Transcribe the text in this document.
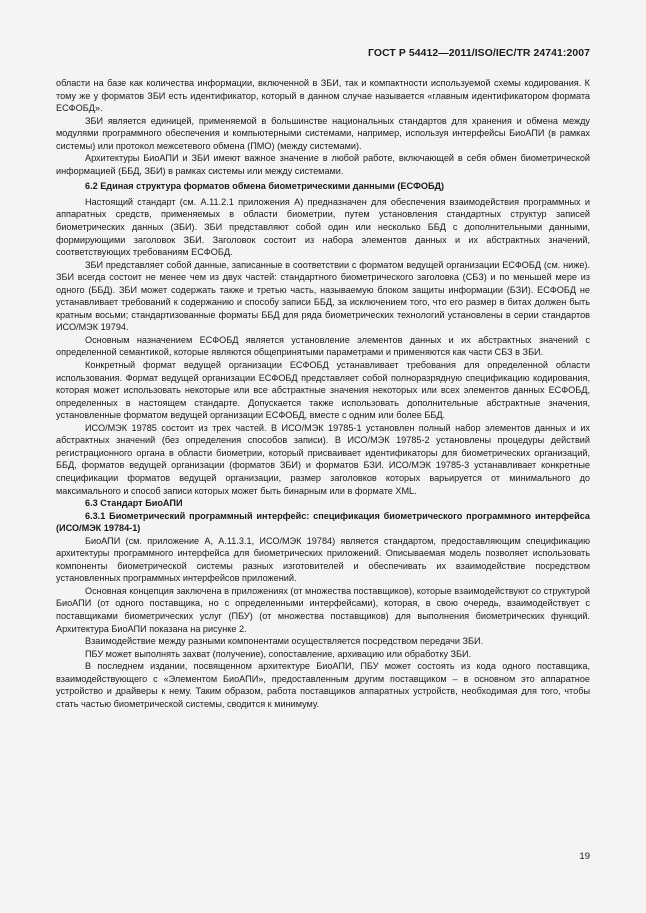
ГОСТ Р 54412—2011/ISO/IEC/TR 24741:2007

области на базе как количества информации, включенной в ЗБИ, так и компактности используемой схемы кодирования. К тому же у форматов ЗБИ есть идентификатор, который в данном случае называется «главным идентификатором формата ЕСФОБД».

ЗБИ является единицей, применяемой в большинстве национальных стандартов для хранения и обмена между модулями программного обеспечения и компьютерными системами, например, используя интерфейсы БиоАПИ (в рамках системы) или протокол межсетевого обмена (ПМО) (между системами).

Архитектуры БиоАПИ и ЗБИ имеют важное значение в любой работе, включающей в себя обмен биометрической информацией (ББД, ЗБИ) в рамках системы или между системами.

6.2 Единая структура форматов обмена биометрическими данными (ЕСФОБД)

Настоящий стандарт (см. А.11.2.1 приложения А) предназначен для обеспечения взаимодействия программных и аппаратных средств, применяемых в области биометрии, путем установления стандартных структур записей биометрических данных (ЗБИ). ЗБИ представляют собой один или несколько ББД с дополнительными данными, формирующими заголовок ЗБИ. Заголовок состоит из набора элементов данных и их абстрактных значений, соответствующих требованиям ЕСФОБД.

ЗБИ представляет собой данные, записанные в соответствии с форматом ведущей организации ЕСФОБД (см. ниже). ЗБИ всегда состоит не менее чем из двух частей: стандартного биометрического заголовка (СБЗ) и по меньшей мере из одного (ББД). ЗБИ может содержать также и третью часть, называемую блоком защиты информации (БЗИ). ЕСФОБД не устанавливает требований к содержанию и способу записи ББД, за исключением того, что его размер в битах должен быть кратным восьми; стандартизованные форматы ББД для ряда биометрических технологий установлены в серии стандартов ИСО/МЭК 19794.

Основным назначением ЕСФОБД является установление элементов данных и их абстрактных значений с определенной семантикой, которые являются общепринятыми параметрами и применяются как части СБЗ в ЗБИ.

Конкретный формат ведущей организации ЕСФОБД устанавливает требования для определенной области использования. Формат ведущей организации ЕСФОБД представляет собой полноразрядную спецификацию кодирования, которая может использовать некоторые или все абстрактные значения некоторых или всех элементов данных ЕСФОБД, определенных в настоящем стандарте. Допускается также использовать дополнительные абстрактные значения, установленные форматом ведущей организации ЕСФОБД, вместе с одним или более ББД.

ИСО/МЭК 19785 состоит из трех частей. В ИСО/МЭК 19785-1 установлен полный набор элементов данных и их абстрактных значений (без определения способов записи). В ИСО/МЭК 19785-2 установлены процедуры действий регистрационного органа в области биометрии, который присваивает идентификаторы для биометрических организаций, ББД, форматов ведущей организации (форматов ЗБИ) и форматов БЗИ. ИСО/МЭК 19785-3 устанавливает конкретные спецификации форматов ведущей организации, размер заголовков которых варьируется от минимального до максимального и способ записи которых может быть бинарным или в формате XML.

6.3 Стандарт БиоАПИ

6.3.1 Биометрический программный интерфейс: спецификация биометрического программного интерфейса (ИСО/МЭК 19784-1)

БиоАПИ (см. приложение А, А.11.3.1, ИСО/МЭК 19784) является стандартом, предоставляющим спецификацию архитектуры программного интерфейса для биометрических приложений. Описываемая модель позволяет использовать компоненты биометрической системы разных изготовителей и обеспечивать их взаимодействие посредством установленных программных интерфейсов приложений.

Основная концепция заключена в приложениях (от множества поставщиков), которые взаимодействуют со структурой БиоАПИ (от одного поставщика, но с определенными интерфейсами), которая, в свою очередь, взаимодействует с поставщиками биометрических услуг (ПБУ) (от множества поставщиков) для выполнения биометрических функций. Архитектура БиоАПИ показана на рисунке 2.

Взаимодействие между разными компонентами осуществляется посредством передачи ЗБИ.

ПБУ может выполнять захват (получение), сопоставление, архивацию или обработку ЗБИ.

В последнем издании, посвященном архитектуре БиоАПИ, ПБУ может состоять из кода одного поставщика, взаимодействующего с «Элементом БиоАПИ», предоставленным другим поставщиком – в основном это аппаратное устройство и драйверы к нему. Таким образом, работа поставщиков аппаратных устройств, необходимая для того, чтобы стать частью биометрической системы, сводится к минимуму.

19
